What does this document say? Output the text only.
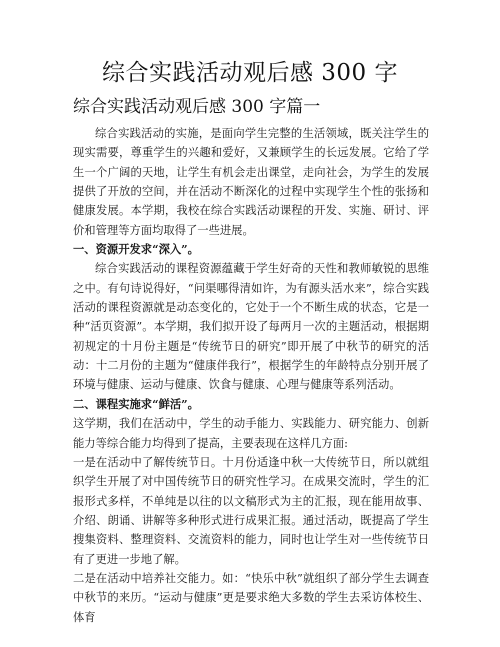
综合实践活动观后感 300 字
综合实践活动观后感 300 字篇一

综合实践活动的实施，是面向学生完整的生活领域，既关注学生的现实需要，尊重学生的兴趣和爱好，又兼顾学生的长远发展。它给了学生一个广阔的天地，让学生有机会走出课堂，走向社会，为学生的发展提供了开放的空间，并在活动不断深化的过程中实现学生个性的张扬和健康发展。本学期，我校在综合实践活动课程的开发、实施、研讨、评价和管理等方面均取得了一些进展。

一、资源开发求“深入”。

综合实践活动的课程资源蕴藏于学生好奇的天性和教师敏锐的思维之中。有句诗说得好，“问渠哪得清如许，为有源头活水来”，综合实践活动的课程资源就是动态变化的，它处于一个不断生成的状态，它是一种“活页资源”。本学期，我们拟开设了每两月一次的主题活动，根据期初规定的十月份主题是“传统节日的研究”即开展了中秋节的研究的活动：十二月份的主题为“健康伴我行”，根据学生的年龄特点分别开展了环境与健康、运动与健康、饮食与健康、心理与健康等系列活动。

二、课程实施求“鲜活”。

这学期，我们在活动中，学生的动手能力、实践能力、研究能力、创新能力等综合能力均得到了提高，主要表现在这样几方面:

一是在活动中了解传统节日。十月份适逢中秋一大传统节日，所以就组织学生开展了对中国传统节日的研究性学习。在成果交流时，学生的汇报形式多样，不单纯是以往的以文稿形式为主的汇报，现在能用故事、介绍、朗诵、讲解等多种形式进行成果汇报。通过活动，既提高了学生搜集资料、整理资料、交流资料的能力，同时也让学生对一些传统节日有了更进一步地了解。

二是在活动中培养社交能力。如：“快乐中秋”就组织了部分学生去调查中秋节的来历。“运动与健康”更是要求绝大多数的学生去采访体校生、体育
